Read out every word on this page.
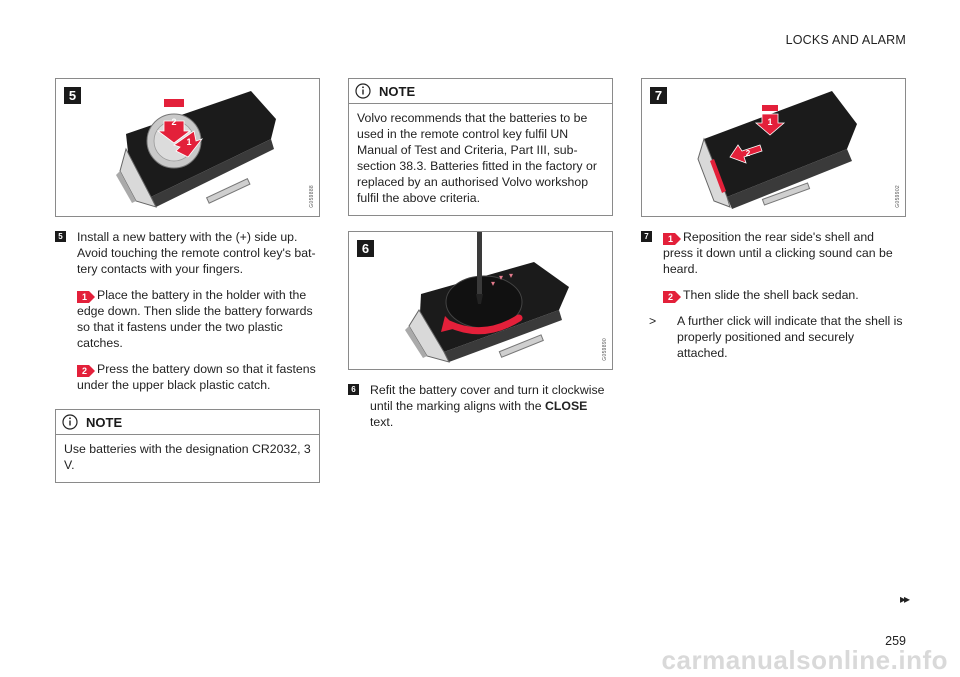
LOCKS AND ALARM
2
1
5
G059888
5 Install a new battery with the (+) side up. Avoid touching the remote control key's bat-tery contacts with your fingers.
1 Place the battery in the holder with the edge down. Then slide the battery forwards so that it fastens under the two plastic catches.
2 Press the battery down so that it fastens under the upper black plastic catch.
NOTE
Use batteries with the designation CR2032, 3 V.
NOTE
Volvo recommends that the batteries to be used in the remote control key fulfil UN Manual of Test and Criteria, Part III, sub-section 38.3. Batteries fitted in the factory or replaced by an authorised Volvo workshop fulfil the above criteria.
▾
▾ ▾
6
G059890
6 Refit the battery cover and turn it clockwise until the marking aligns with the CLOSE text.
1
2
7
G059902
7	1 Reposition the rear side's shell and press it down until a clicking sound can be heard.
2 Then slide the shell back sedan.
>	A further click will indicate that the shell is properly positioned and securely attached.
▸▸
259
carmanualsonline.info
